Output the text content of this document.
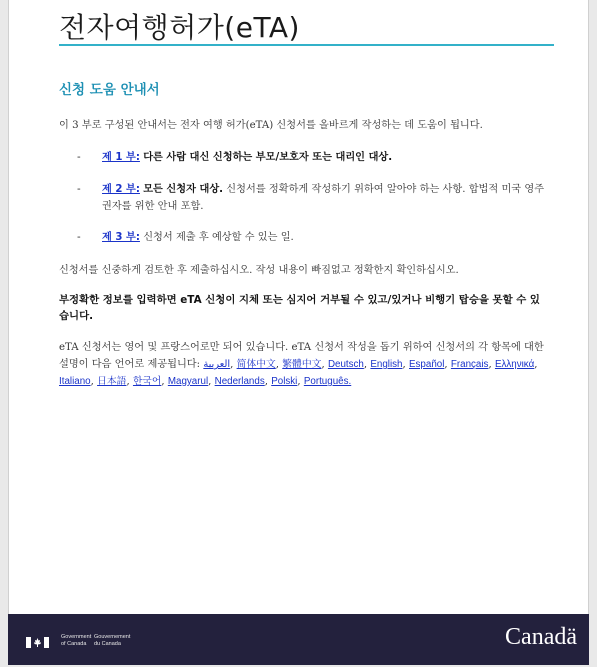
전자여행허가(eTA)
신청 도움 안내서

이 3 부로 구성된 안내서는 전자 여행 허가(eTA) 신청서를 올바르게 작성하는 데 도움이 됩니다.

- 제 1 부: 다른 사람 대신 신청하는 부모/보호자 또는 대리인 대상.
- 제 2 부: 모든 신청자 대상. 신청서를 정확하게 작성하기 위하여 알아야 하는 사항. 합법적 미국 영주권자를 위한 안내 포함.
- 제 3 부: 신청서 제출 후 예상할 수 있는 일.

신청서를 신중하게 검토한 후 제출하십시오. 작성 내용이 빠짐없고 정확한지 확인하십시오.

부정확한 정보를 입력하면 eTA 신청이 지체 또는 심지어 거부될 수 있고/있거나 비행기 탑승을 못할 수 있습니다.

eTA 신청서는 영어 및 프랑스어로만 되어 있습니다. eTA 신청서 작성을 돕기 위하여 신청서의 각 항목에 대한 설명이 다음 언어로 제공됩니다: العربية, 简体中文, 繁體中文, Deutsch, English, Español, Français, Ελληνικά, Italiano, 日本語, 한국어, Magyarul, Nederlands, Polski, Português.

Government of Canada
Gouvernement du Canada	Canadä
